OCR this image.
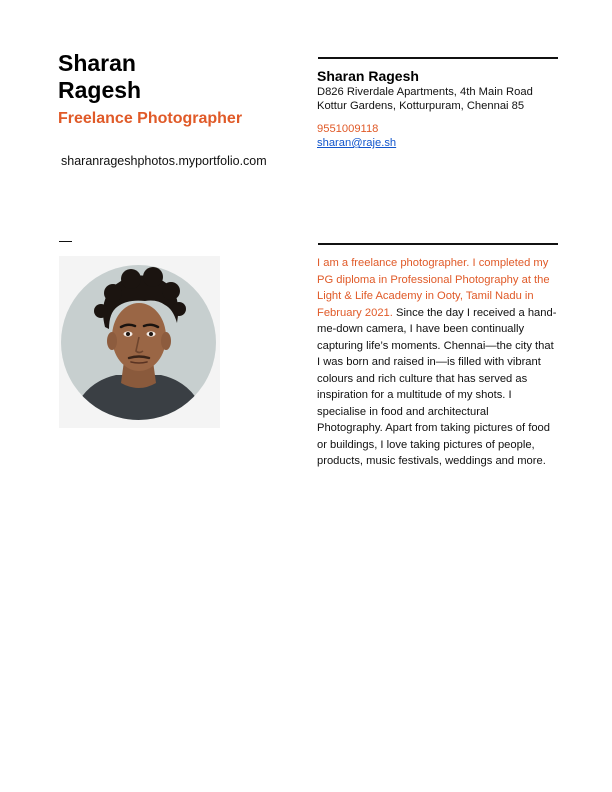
Sharan
Ragesh
Freelance Photographer
sharanrageshphotos.myportfolio.com
Sharan Ragesh
D826 Riverdale Apartments, 4th Main Road
Kottur Gardens, Kotturpuram, Chennai 85
9551009118
sharan@raje.sh
I am a freelance photographer. I completed my PG diploma in Professional Photography at the Light & Life Academy in Ooty, Tamil Nadu in February 2021. Since the day I received a hand-me-down camera, I have been continually capturing life’s moments. Chennai—the city that I was born and raised in—is filled with vibrant colours and rich culture that has served as inspiration for a multitude of my shots. I specialise in food and architectural Photography. Apart from taking pictures of food or buildings, I love taking pictures of people, products, music festivals, weddings and more.
